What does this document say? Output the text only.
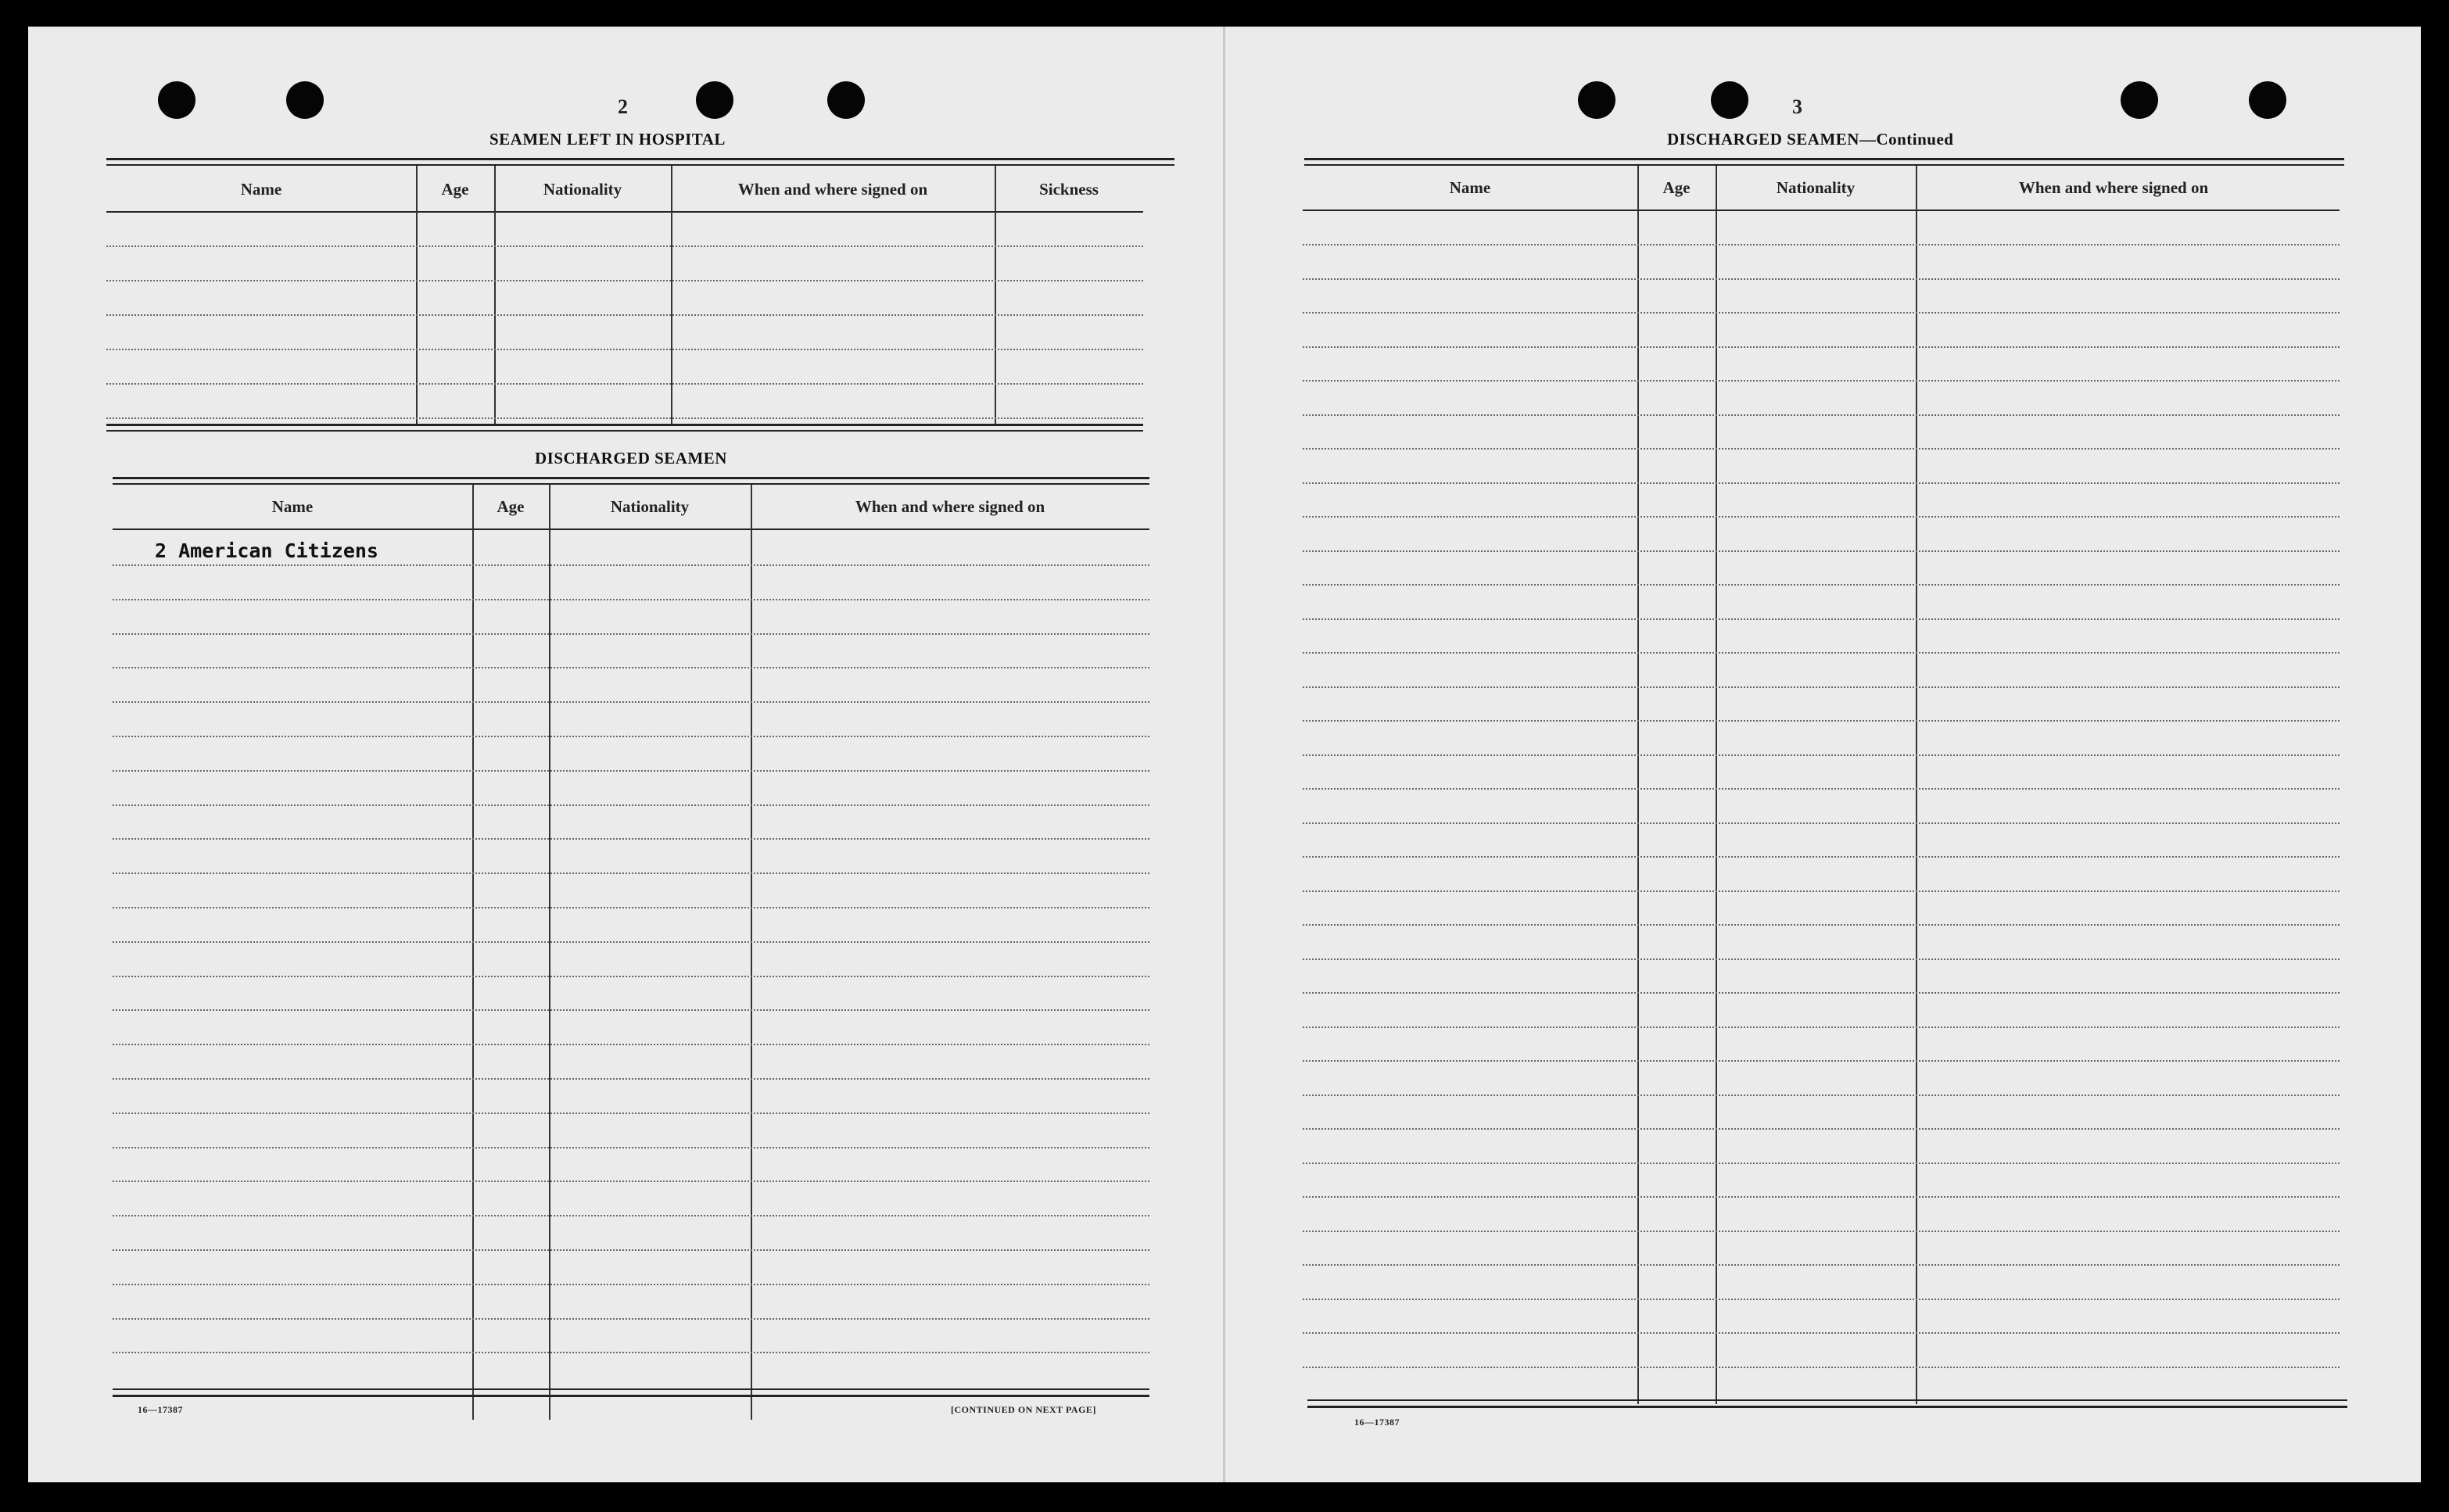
2
SEAMEN LEFT IN HOSPITAL
Name	Age	Nationality	When and where signed on	Sickness
DISCHARGED SEAMEN
Name	Age	Nationality	When and where signed on
2 American Citizens
16—17387	[CONTINUED ON NEXT PAGE]
3
DISCHARGED SEAMEN—Continued
Name	Age	Nationality	When and where signed on
16—17387
